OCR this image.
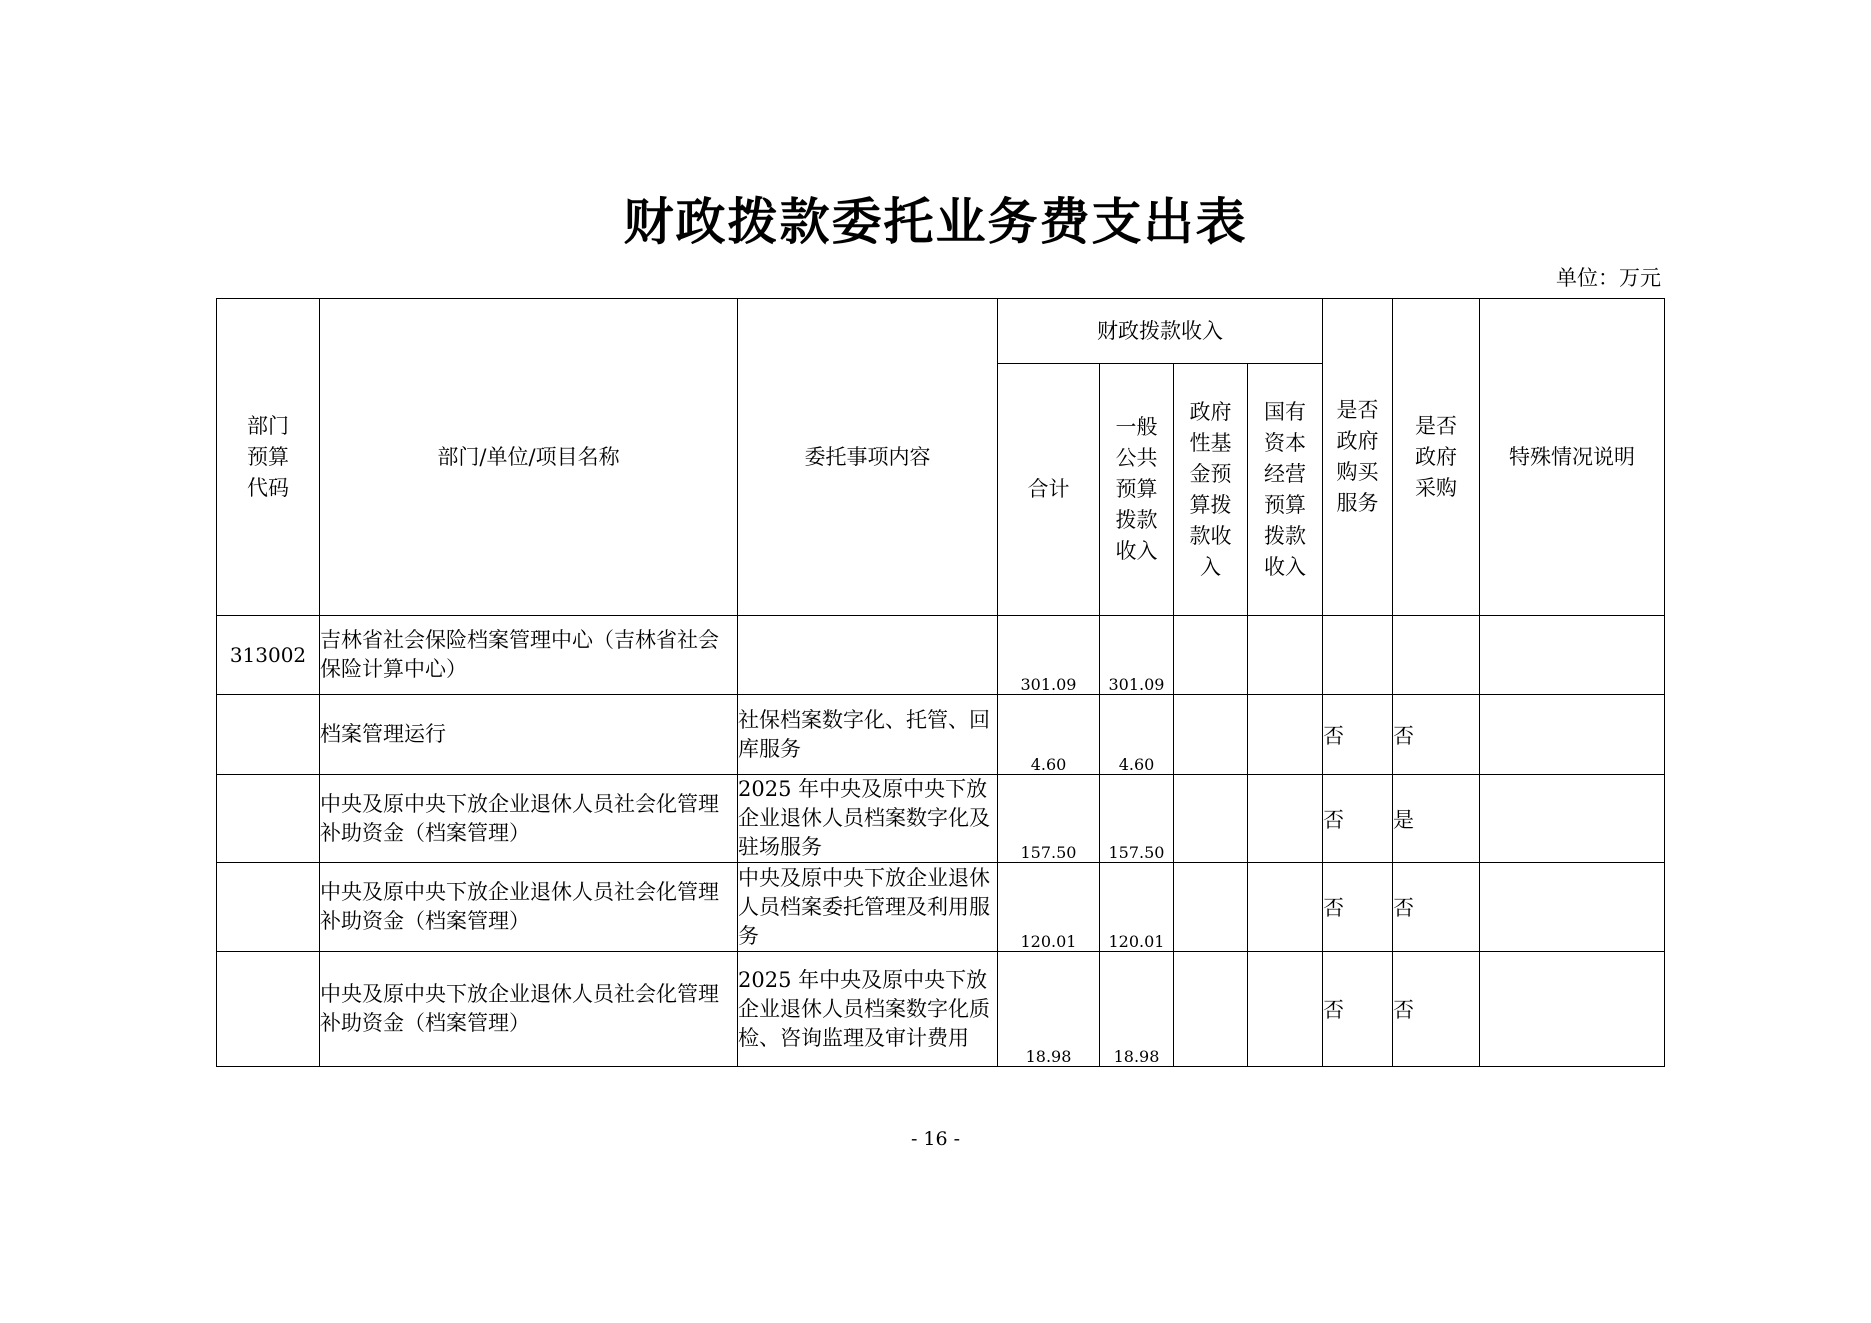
财政拨款委托业务费支出表
单位：万元
部门预算代码	部门/单位/项目名称	委托事项内容	财政拨款收入				是否政府购买服务	是否政府采购	特殊情况说明
			合计	一般公共预算拨款收入	政府性基金预算拨款收入	国有资本经营预算拨款收入			
313002	吉林省社会保险档案管理中心（吉林省社会保险计算中心）		301.09	301.09					
	档案管理运行	社保档案数字化、托管、回库服务	4.60	4.60			否	否	
	中央及原中央下放企业退休人员社会化管理补助资金（档案管理）	2025 年中央及原中央下放企业退休人员档案数字化及驻场服务	157.50	157.50			否	是	
	中央及原中央下放企业退休人员社会化管理补助资金（档案管理）	中央及原中央下放企业退休人员档案委托管理及利用服务	120.01	120.01			否	否	
	中央及原中央下放企业退休人员社会化管理补助资金（档案管理）	2025 年中央及原中央下放企业退休人员档案数字化质检、咨询监理及审计费用	18.98	18.98			否	否	
- 16 -
